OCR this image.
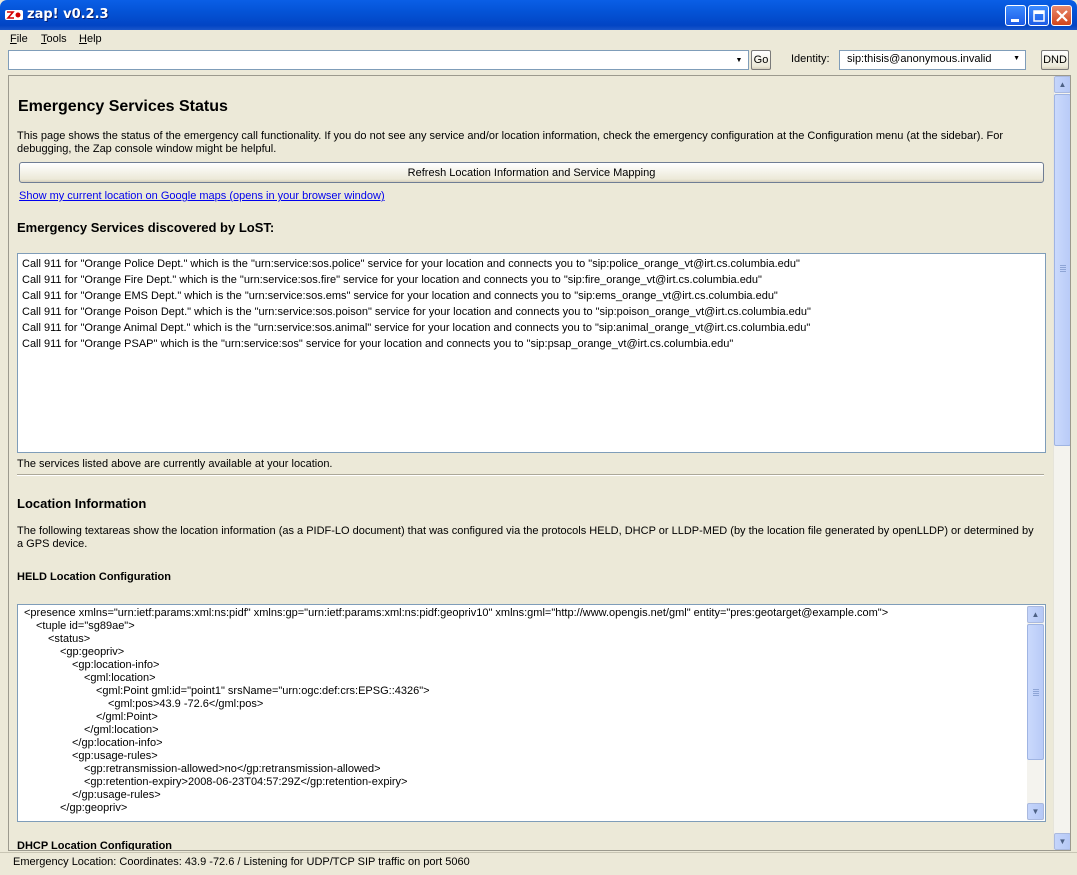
zap! v0.2.3
File Tools Help
▼	Go Identity:	sip:thisis@anonymous.invalid	▼ DND
Emergency Services Status
This page shows the status of the emergency call functionality. If you do not see any service and/or location information, check the emergency configuration at the Configuration menu (at the sidebar). For debugging, the Zap console window might be helpful.
Refresh Location Information and Service Mapping
Show my current location on Google maps (opens in your browser window)
Emergency Services discovered by LoST:
Call 911 for "Orange Police Dept." which is the "urn:service:sos.police" service for your location and connects you to "sip:police_orange_vt@irt.cs.columbia.edu"
Call 911 for "Orange Fire Dept." which is the "urn:service:sos.fire" service for your location and connects you to "sip:fire_orange_vt@irt.cs.columbia.edu"
Call 911 for "Orange EMS Dept." which is the "urn:service:sos.ems" service for your location and connects you to "sip:ems_orange_vt@irt.cs.columbia.edu"
Call 911 for "Orange Poison Dept." which is the "urn:service:sos.poison" service for your location and connects you to "sip:poison_orange_vt@irt.cs.columbia.edu"
Call 911 for "Orange Animal Dept." which is the "urn:service:sos.animal" service for your location and connects you to "sip:animal_orange_vt@irt.cs.columbia.edu"
Call 911 for "Orange PSAP" which is the "urn:service:sos" service for your location and connects you to "sip:psap_orange_vt@irt.cs.columbia.edu"
The services listed above are currently available at your location.
Location Information
The following textareas show the location information (as a PIDF-LO document) that was configured via the protocols HELD, DHCP or LLDP-MED (by the location file generated by openLLDP) or determined by a GPS device.
HELD Location Configuration
<presence xmlns="urn:ietf:params:xml:ns:pidf" xmlns:gp="urn:ietf:params:xml:ns:pidf:geopriv10" xmlns:gml="http://www.opengis.net/gml" entity="pres:geotarget@example.com">
<tuple id="sg89ae">
<status>
<gp:geopriv>
<gp:location-info>
<gml:location>
<gml:Point gml:id="point1" srsName="urn:ogc:def:crs:EPSG::4326">
<gml:pos>43.9 -72.6</gml:pos>
</gml:Point>
</gml:location>
</gp:location-info>
<gp:usage-rules>
<gp:retransmission-allowed>no</gp:retransmission-allowed>
<gp:retention-expiry>2008-06-23T04:57:29Z</gp:retention-expiry>
</gp:usage-rules>
</gp:geopriv>
▲
▼
DHCP Location Configuration
▲
▼
Emergency Location: Coordinates: 43.9 -72.6 / Listening for UDP/TCP SIP traffic on port 5060
